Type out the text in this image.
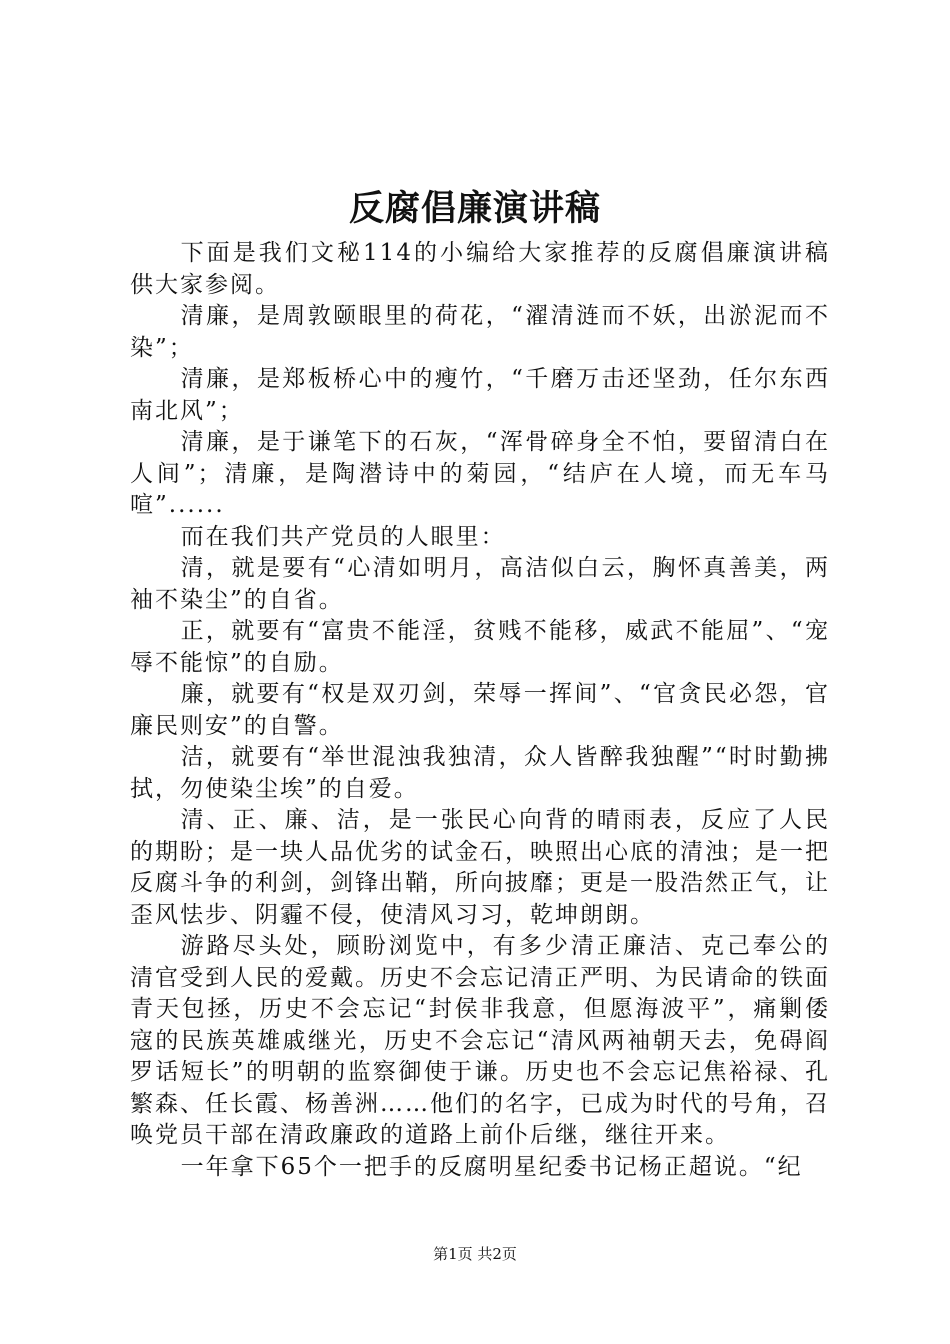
反腐倡廉演讲稿

下面是我们文秘114的小编给大家推荐的反腐倡廉演讲稿供大家参阅。

清廉，是周敦颐眼里的荷花，“濯清涟而不妖，出淤泥而不染”；

清廉，是郑板桥心中的瘦竹，“千磨万击还坚劲，任尔东西南北风”；

清廉，是于谦笔下的石灰，“浑骨碎身全不怕，要留清白在人间”；清廉，是陶潜诗中的菊园，“结庐在人境，而无车马喧”......

而在我们共产党员的人眼里：

清，就是要有“心清如明月，高洁似白云，胸怀真善美，两袖不染尘”的自省。

正，就要有“富贵不能淫，贫贱不能移，威武不能屈”、“宠辱不能惊”的自励。

廉，就要有“权是双刃剑，荣辱一挥间”、“官贪民必怨，官廉民则安”的自警。

洁，就要有“举世混浊我独清，众人皆醉我独醒”“时时勤拂拭，勿使染尘埃”的自爱。

清、正、廉、洁，是一张民心向背的晴雨表，反应了人民的期盼；是一块人品优劣的试金石，映照出心底的清浊；是一把反腐斗争的利剑，剑锋出鞘，所向披靡；更是一股浩然正气，让歪风怯步、阴霾不侵，使清风习习，乾坤朗朗。

游路尽头处，顾盼浏览中，有多少清正廉洁、克己奉公的清官受到人民的爱戴。历史不会忘记清正严明、为民请命的铁面青天包拯，历史不会忘记“封侯非我意，但愿海波平”，痛剿倭寇的民族英雄戚继光，历史不会忘记“清风两袖朝天去，免碍阎罗话短长”的明朝的监察御使于谦。历史也不会忘记焦裕禄、孔繁森、任长霞、杨善洲……他们的名字，已成为时代的号角，召唤党员干部在清政廉政的道路上前仆后继，继往开来。

一年拿下65个一把手的反腐明星纪委书记杨正超说。“纪

第1页 共2页
